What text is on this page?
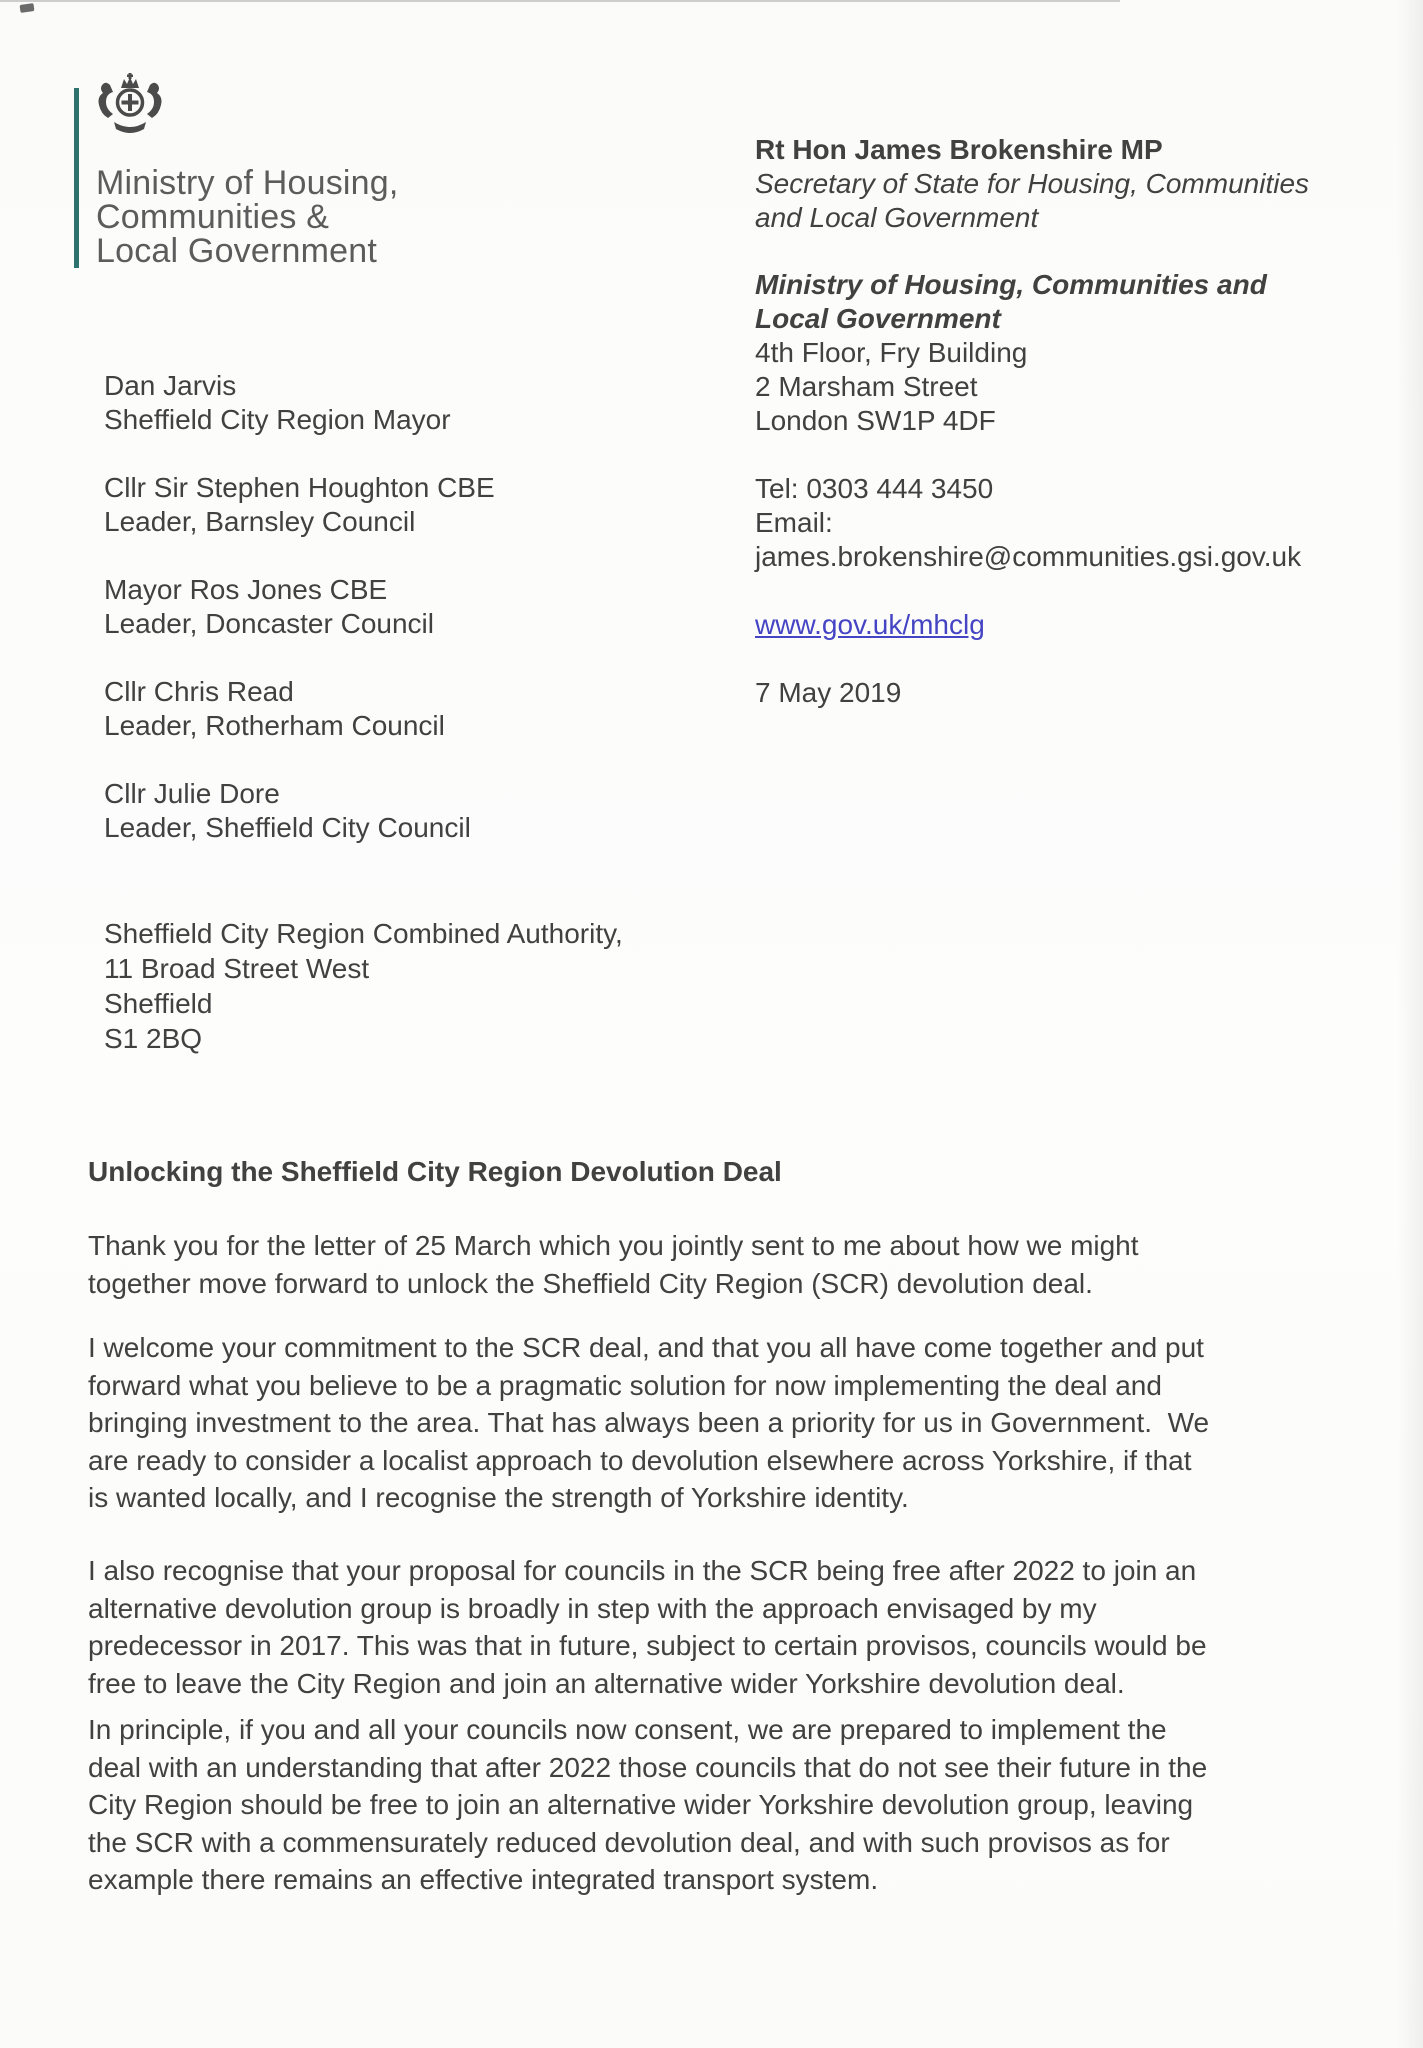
Ministry of Housing,
Communities &
Local Government
Rt Hon James Brokenshire MP
Secretary of State for Housing, Communities
and Local Government
Ministry of Housing, Communities and
Local Government
4th Floor, Fry Building
2 Marsham Street
London SW1P 4DF
Tel: 0303 444 3450
Email:
james.brokenshire@communities.gsi.gov.uk
www.gov.uk/mhclg
7 May 2019
Dan Jarvis
Sheffield City Region Mayor
Cllr Sir Stephen Houghton CBE
Leader, Barnsley Council
Mayor Ros Jones CBE
Leader, Doncaster Council
Cllr Chris Read
Leader, Rotherham Council
Cllr Julie Dore
Leader, Sheffield City Council
Sheffield City Region Combined Authority,
11 Broad Street West
Sheffield
S1 2BQ
Unlocking the Sheffield City Region Devolution Deal
Thank you for the letter of 25 March which you jointly sent to me about how we might
together move forward to unlock the Sheffield City Region (SCR) devolution deal.
I welcome your commitment to the SCR deal, and that you all have come together and put
forward what you believe to be a pragmatic solution for now implementing the deal and
bringing investment to the area. That has always been a priority for us in Government.  We
are ready to consider a localist approach to devolution elsewhere across Yorkshire, if that
is wanted locally, and I recognise the strength of Yorkshire identity.
I also recognise that your proposal for councils in the SCR being free after 2022 to join an
alternative devolution group is broadly in step with the approach envisaged by my
predecessor in 2017. This was that in future, subject to certain provisos, councils would be
free to leave the City Region and join an alternative wider Yorkshire devolution deal.
In principle, if you and all your councils now consent, we are prepared to implement the
deal with an understanding that after 2022 those councils that do not see their future in the
City Region should be free to join an alternative wider Yorkshire devolution group, leaving
the SCR with a commensurately reduced devolution deal, and with such provisos as for
example there remains an effective integrated transport system.
